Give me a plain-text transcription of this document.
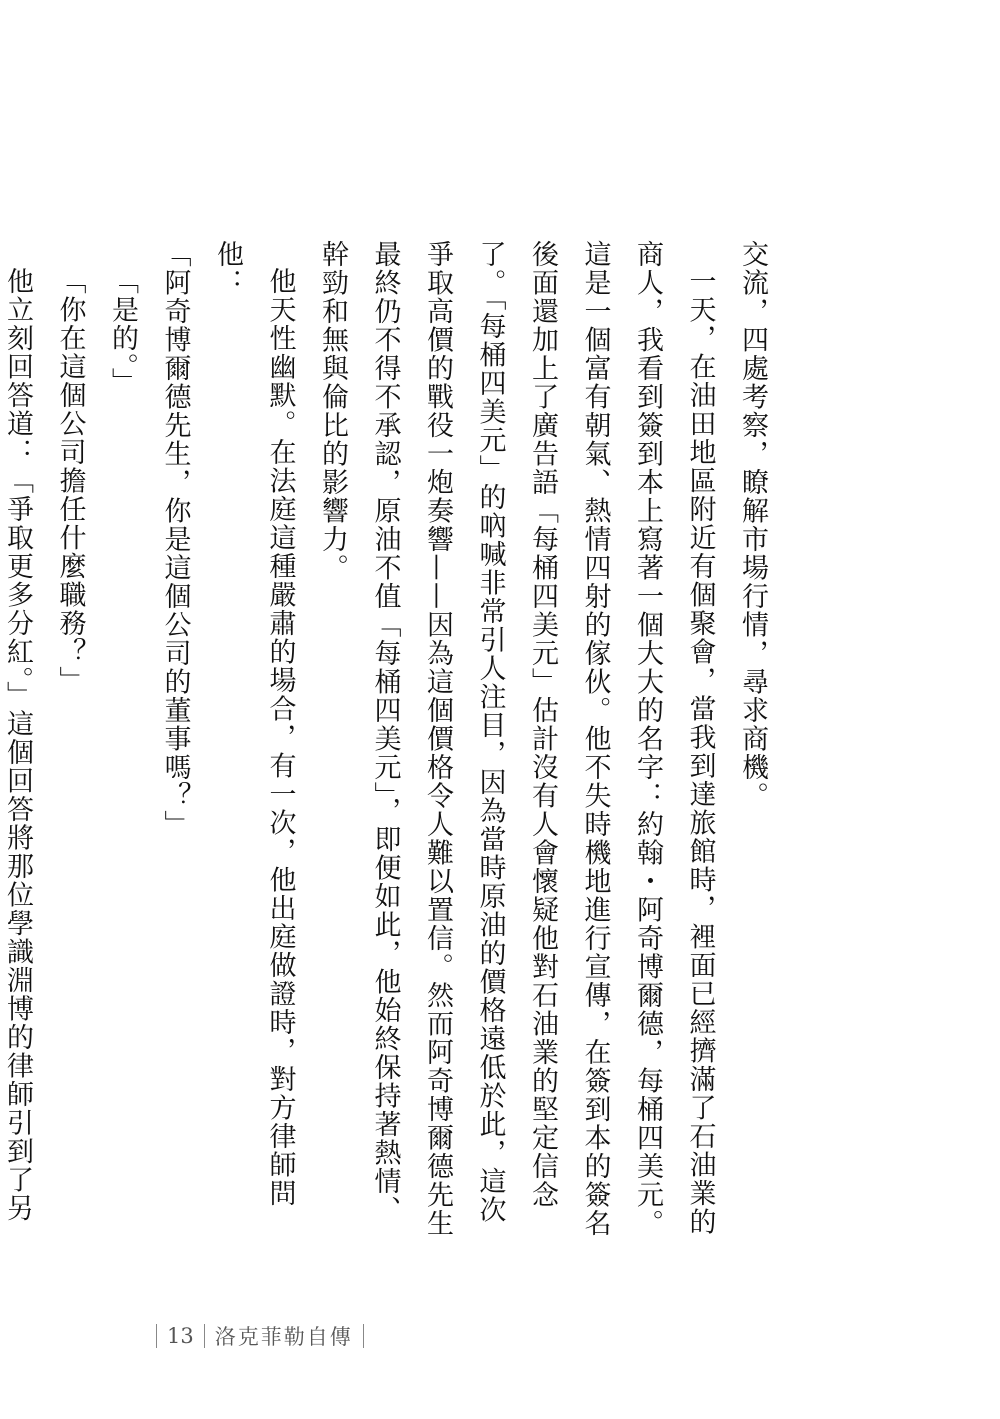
交流，四處考察，瞭解市場行情，尋求商機。

一天，在油田地區附近有個聚會，當我到達旅館時，裡面已經擠滿了石油業的商人，我看到簽到本上寫著一個大大的名字：約翰・阿奇博爾德，每桶四美元。這是一個富有朝氣、熱情四射的傢伙。他不失時機地進行宣傳，在簽到本的簽名後面還加上了廣告語「每桶四美元」估計沒有人會懷疑他對石油業的堅定信念了。「每桶四美元」的吶喊非常引人注目，因為當時原油的價格遠低於此，這次爭取高價的戰役一炮奏響——因為這個價格令人難以置信。然而阿奇博爾德先生最終仍不得不承認，原油不值「每桶四美元」，即便如此，他始終保持著熱情、幹勁和無與倫比的影響力。

他天性幽默。在法庭這種嚴肅的場合，有一次，他出庭做證時，對方律師問他：

「阿奇博爾德先生，你是這個公司的董事嗎？」

「是的。」

「你在這個公司擔任什麼職務？」

他立刻回答道：「爭取更多分紅。」這個回答將那位學識淵博的律師引到了另

13 洛克菲勒自傳
